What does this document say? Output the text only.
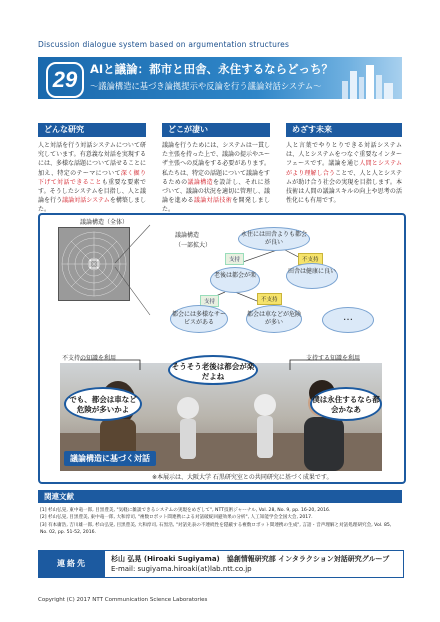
Discussion dialogue system based on argumentation structures
29	AIと議論：都市と田舎、永住するならどっち？
～議論構造に基づき論拠提示や反論を行う議論対話システム～
どんな研究
人と対話を行う対話システムについて研究しています。有意義な対話を実現するには、多様な話題について話せることに加え、特定のテーマについて深く掘り下げて対話できることも重要な要素です。そうしたシステムを目指し、人と議論を行う議論対話システムを構築しました。
どこが凄い
議論を行うためには、システムは一貫した主張を持った上で、議論の提示やユーザ主張への反論をする必要があります。私たちは、特定の話題について議論をするための議論構造を設計し、それに基づいて、議論の状況を適切に管理し、議論を進める議論対話技術を開発しました。
めざす未来
人と言葉でやりとりできる対話システムは、人とシステムをつなぐ重要なインターフェースです。議論を通じ人間とシステムがより理解し合うことで、人と人とシステムが助け合う社会の実現を目指します。本技術は人間の議論スキルの向上や思考の活性化にも有用です。
議論構造（全体）
議論構造
（一部拡大）
永住には田舎よりも都会が良い
支持	不支持
老後は都会が楽
田舎は健康に良い
支持	不支持
都会には多様なサービスがある
都会は車などが危険が多い	…
不支持の知識を利用	支持する知識を利用
そうそう老後は都会が楽だよね
でも、都会は車など危険が多いかよ
僕は永住するなら都会かなあ
議論構造に基づく対話
※本展示は、大阪大学 石黒研究室との共同研究に基づく成果です。
関連文献
[1] 杉山弘晃, 東中竜一郎, 目黒豊美, "気軽に雑談できるシステムの実現をめざして", NTT技術ジャーナル, Vol. 28, No. 9, pp. 16-20, 2016.
[2] 杉山弘晃, 目黒豊美, 東中竜一郎, 大和淳司, "複数ロボット間連携による対話破綻回避効果の分析", 人工知能学会全国大会, 2017.
[3] 有本庸浩, 吉川雄一郎, 杉山弘晃, 目黒豊美, 大和淳司, 石黒浩, "対話先表の不連続性を隠蔽する複数ロボット間連携の生成", 言語・音声理解と対話処理研究会, Vol. 85, No. 02, pp. 51-52, 2016.
連絡先	杉山 弘晃 (Hiroaki Sugiyama)　協創情報研究部 インタラクション対話研究グループ
E-mail: sugiyama.hiroaki(at)lab.ntt.co.jp
Copyright (C) 2017 NTT Communication Science Laboratories
